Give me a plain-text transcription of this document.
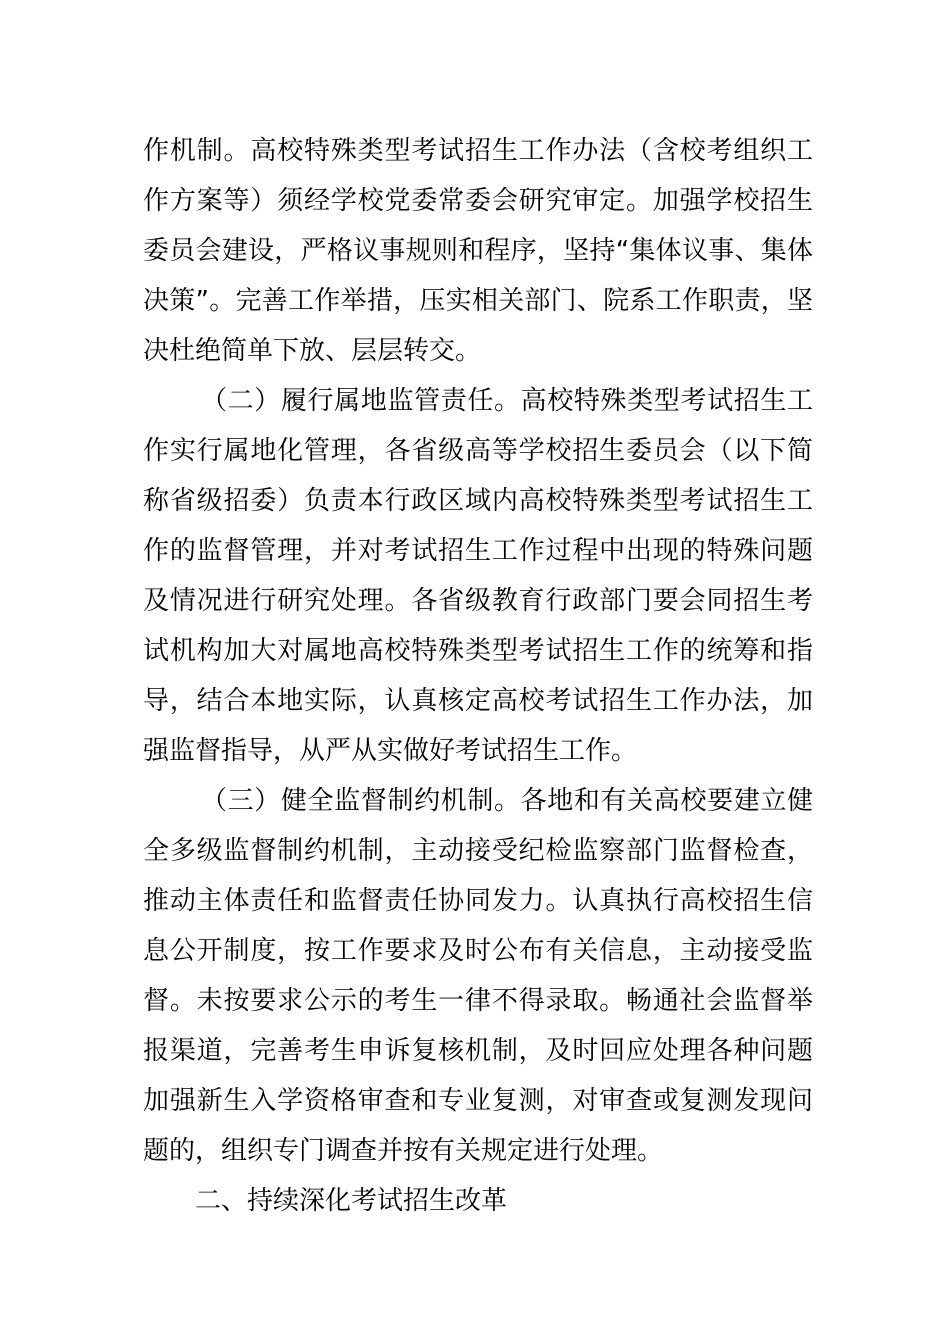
作机制。高校特殊类型考试招生工作办法（含校考组织工
作方案等）须经学校党委常委会研究审定。加强学校招生
委员会建设，严格议事规则和程序，坚持“集体议事、集体
决策”。完善工作举措，压实相关部门、院系工作职责，坚
决杜绝简单下放、层层转交。
（二）履行属地监管责任。高校特殊类型考试招生工
作实行属地化管理，各省级高等学校招生委员会（以下简
称省级招委）负责本行政区域内高校特殊类型考试招生工
作的监督管理，并对考试招生工作过程中出现的特殊问题
及情况进行研究处理。各省级教育行政部门要会同招生考
试机构加大对属地高校特殊类型考试招生工作的统筹和指
导，结合本地实际，认真核定高校考试招生工作办法，加
强监督指导，从严从实做好考试招生工作。
（三）健全监督制约机制。各地和有关高校要建立健
全多级监督制约机制，主动接受纪检监察部门监督检查，
推动主体责任和监督责任协同发力。认真执行高校招生信
息公开制度，按工作要求及时公布有关信息，主动接受监
督。未按要求公示的考生一律不得录取。畅通社会监督举
报渠道，完善考生申诉复核机制，及时回应处理各种问题
加强新生入学资格审查和专业复测，对审查或复测发现问
题的，组织专门调查并按有关规定进行处理。
二、持续深化考试招生改革
